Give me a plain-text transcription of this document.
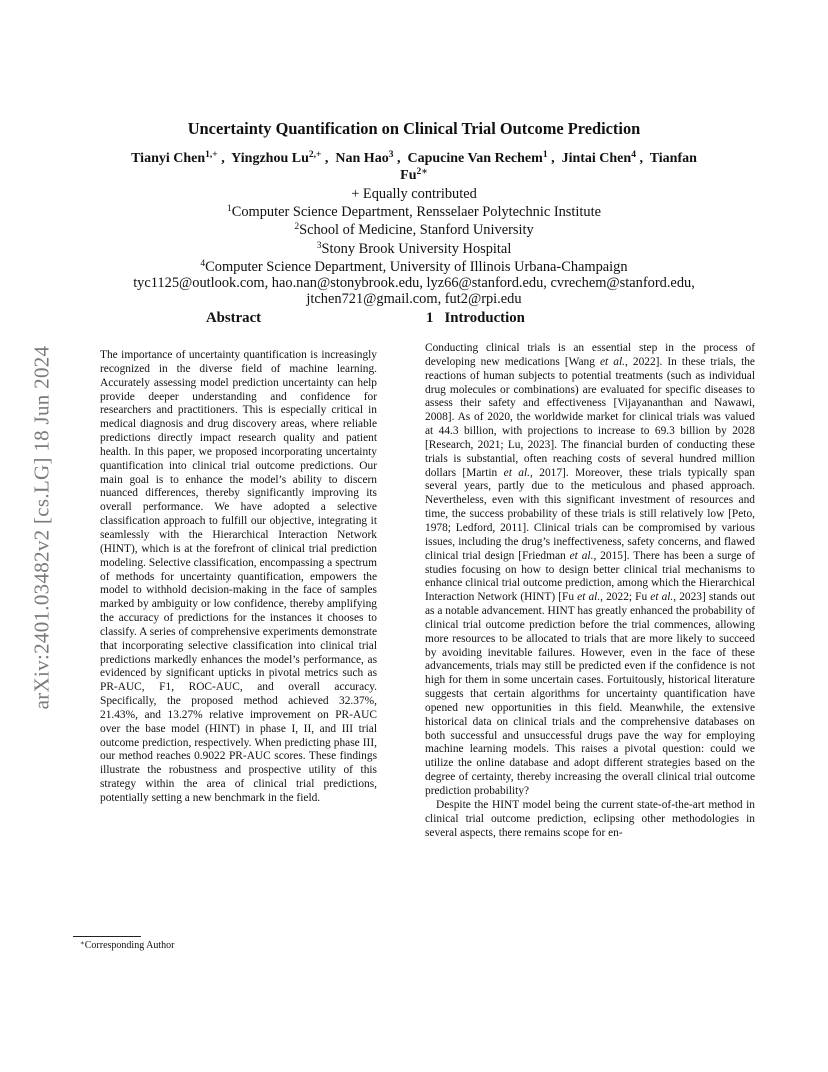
arXiv:2401.03482v2 [cs.LG] 18 Jun 2024
Uncertainty Quantification on Clinical Trial Outcome Prediction
Tianyi Chen$^{1,+}$ ,  Yingzhou $Lu^{2,+}$ ,  Nan Hao$^3$ ,  Capucine Van Rechem$^1$ ,  Jintai Chen$^4$ ,  Tianfan
$Fu^{2∗}$
+ Equally contributed
$^1$Computer Science Department, Rensselaer Polytechnic Institute
$^2$School of Medicine, Stanford University
$^3$Stony Brook University Hospital
$^4$Computer Science Department, University of Illinois Urbana-Champaign
tyc1125@outlook.com, hao.nan@stonybrook.edu, lyz66@stanford.edu, cvrechem@stanford.edu,
jtchen721@gmail.com, fut2@rpi.edu
Abstract

The importance of uncertainty quantification is increasingly recognized in the diverse field of machine learning. Accurately assessing model prediction uncertainty can help provide deeper understanding and confidence for researchers and practitioners. This is especially critical in medical diagnosis and drug discovery areas, where reliable predictions directly impact research quality and patient health. In this paper, we proposed incorporating uncertainty quantification into clinical trial outcome predictions. Our main goal is to enhance the model’s ability to discern nuanced differences, thereby significantly improving its overall performance. We have adopted a selective classification approach to fulfill our objective, integrating it seamlessly with the Hierarchical Interaction Network (HINT), which is at the forefront of clinical trial prediction modeling. Selective classification, encompassing a spectrum of methods for uncertainty quantification, empowers the model to withhold decision-making in the face of samples marked by ambiguity or low confidence, thereby amplifying the accuracy of predictions for the instances it chooses to classify. A series of comprehensive experiments demonstrate that incorporating selective classification into clinical trial predictions markedly enhances the model’s performance, as evidenced by significant upticks in pivotal metrics such as PR-AUC, F1, ROC-AUC, and overall accuracy. Specifically, the proposed method achieved 32.37%, 21.43%, and 13.27% relative improvement on PR-AUC over the base model (HINT) in phase I, II, and III trial outcome prediction, respectively. When predicting phase III, our method reaches 0.9022 PR-AUC scores. These findings illustrate the robustness and prospective utility of this strategy within the area of clinical trial predictions, potentially setting a new benchmark in the field.

1 Introduction

Conducting clinical trials is an essential step in the process of developing new medications [Wang et al., 2022]. In these trials, the reactions of human subjects to potential treatments (such as individual drug molecules or combinations) are evaluated for specific diseases to assess their safety and effectiveness [Vijayananthan and Nawawi, 2008]. As of 2020, the worldwide market for clinical trials was valued at 44.3 billion, with projections to increase to 69.3 billion by 2028 [Research, 2021; Lu, 2023]. The financial burden of conducting these trials is substantial, often reaching costs of several hundred million dollars [Martin et al., 2017]. Moreover, these trials typically span several years, partly due to the meticulous and phased approach. Nevertheless, even with this significant investment of resources and time, the success probability of these trials is still relatively low [Peto, 1978; Ledford, 2011]. Clinical trials can be compromised by various issues, including the drug’s ineffectiveness, safety concerns, and flawed clinical trial design [Friedman et al., 2015]. There has been a surge of studies focusing on how to design better clinical trial mechanisms to enhance clinical trial outcome prediction, among which the Hierarchical Interaction Network (HINT) [Fu et al., 2022; Fu et al., 2023] stands out as a notable advancement. HINT has greatly enhanced the probability of clinical trial outcome prediction before the trial commences, allowing more resources to be allocated to trials that are more likely to succeed by avoiding inevitable failures. However, even in the face of these advancements, trials may still be predicted even if the confidence is not high for them in some uncertain cases. Fortuitously, historical literature suggests that certain algorithms for uncertainty quantification have opened new opportunities in this field. Meanwhile, the extensive historical data on clinical trials and the comprehensive databases on both successful and unsuccessful drugs pave the way for employing machine learning models. This raises a pivotal question: could we utilize the online database and adopt different strategies based on the degree of certainty, thereby increasing the overall clinical trial outcome prediction probability?

Despite the HINT model being the current state-of-the-art method in clinical trial outcome prediction, eclipsing other methodologies in several aspects, there remains scope for en-

∗Corresponding Author
